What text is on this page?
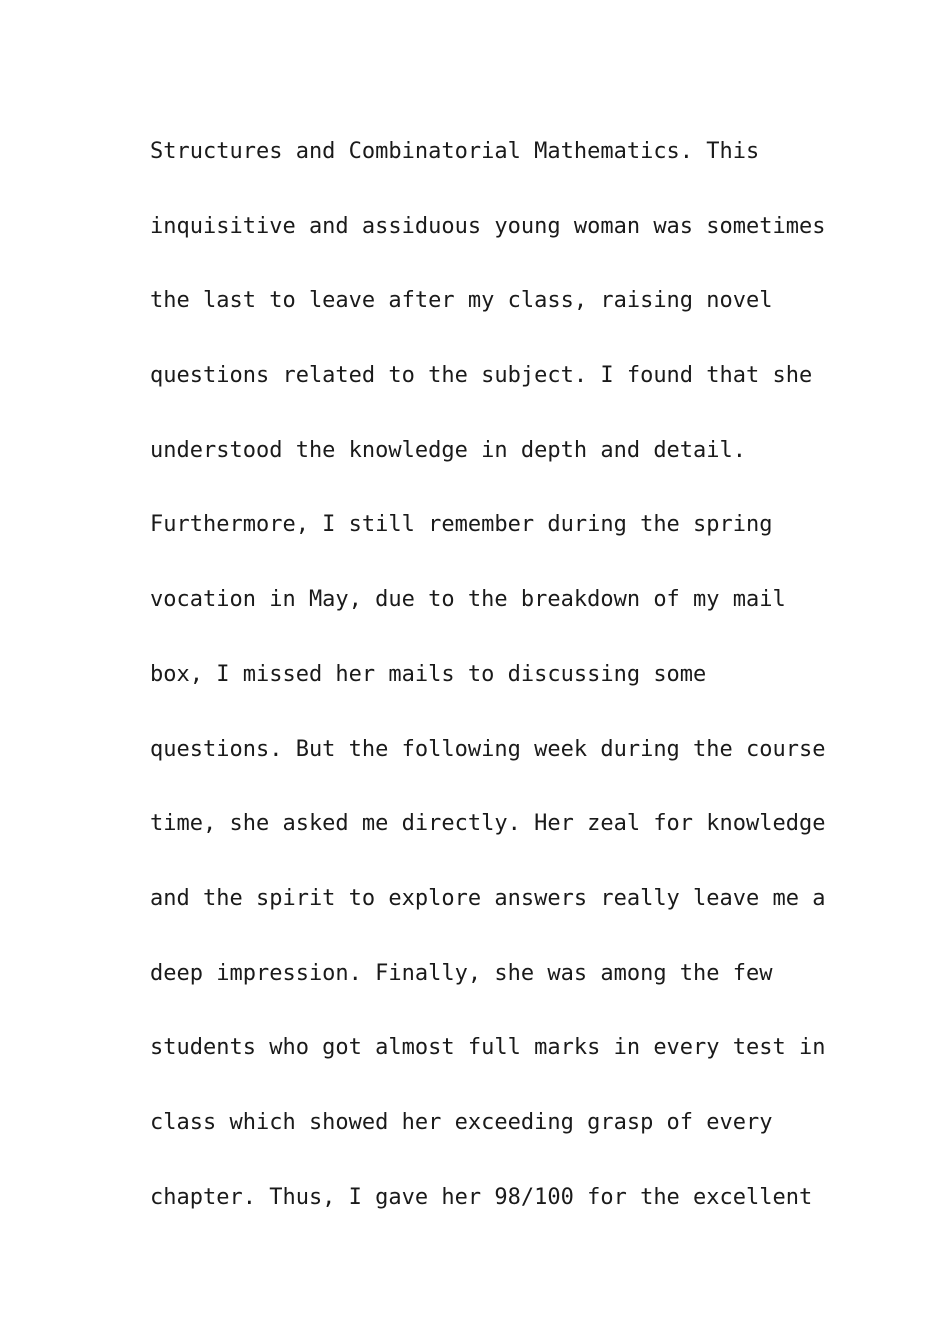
Structures and Combinatorial Mathematics. This
inquisitive and assiduous young woman was sometimes
the last to leave after my class, raising novel
questions related to the subject. I found that she
understood the knowledge in depth and detail.
Furthermore, I still remember during the spring
vocation in May, due to the breakdown of my mail
box, I missed her mails to discussing some
questions. But the following week during the course
time, she asked me directly. Her zeal for knowledge
and the spirit to explore answers really leave me a
deep impression. Finally, she was among the few
students who got almost full marks in every test in
class which showed her exceeding grasp of every
chapter. Thus, I gave her 98/100 for the excellent
